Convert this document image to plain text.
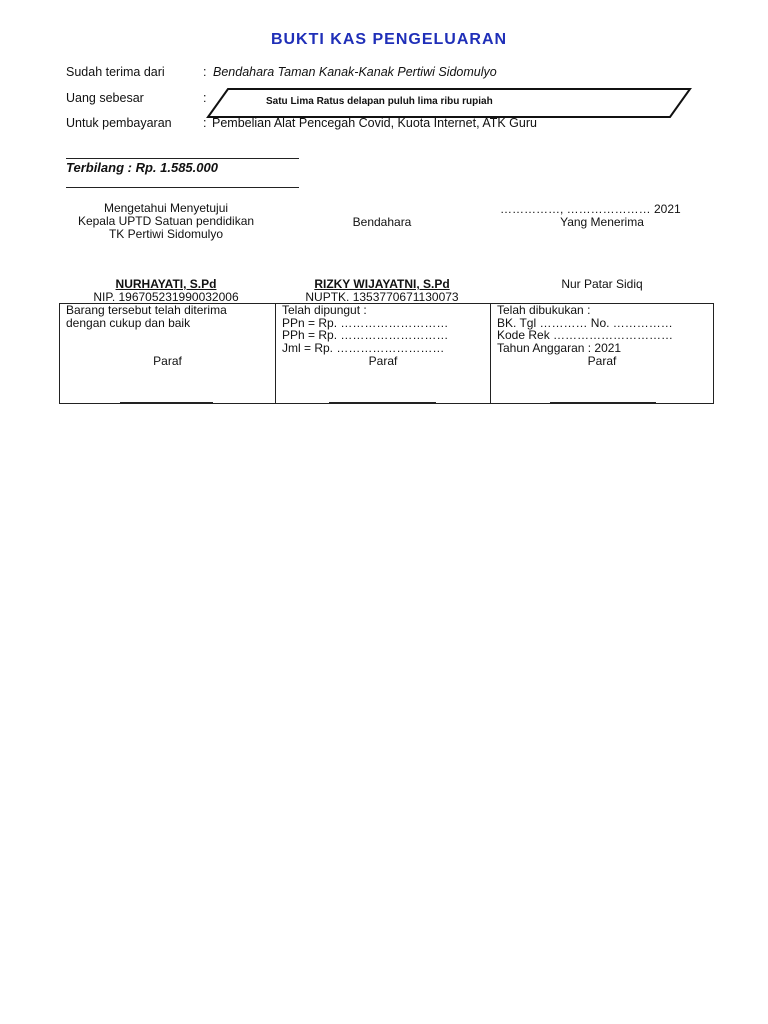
BUKTI KAS PENGELUARAN
Sudah terima dari	: Bendahara Taman Kanak-Kanak Pertiwi Sidomulyo
Uang sebesar	:	Satu Lima Ratus delapan puluh lima ribu rupiah
Untuk pembayaran	: Pembelian Alat Pencegah Covid, Kuota Internet, ATK Guru
Terbilang : Rp. 1.585.000
Mengetahui Menyetujui
Kepala UPTD Satuan pendidikan
TK Pertiwi Sidomulyo
Bendahara
……………, ………………… 2021
Yang Menerima
NURHAYATI, S.Pd
NIP. 196705231990032006
RIZKY WIJAYATNI, S.Pd
NUPTK. 1353770671130073
Nur Patar Sidiq
Barang tersebut telah diterima
dengan cukup dan baik
Paraf
Telah dipungut :
PPn = Rp. ………………………
PPh = Rp. ………………………
Jml = Rp. ………………………
Paraf
Telah dibukukan :
BK. Tgl ………… No. ……………
Kode Rek …………………………
Tahun Anggaran : 2021
Paraf
